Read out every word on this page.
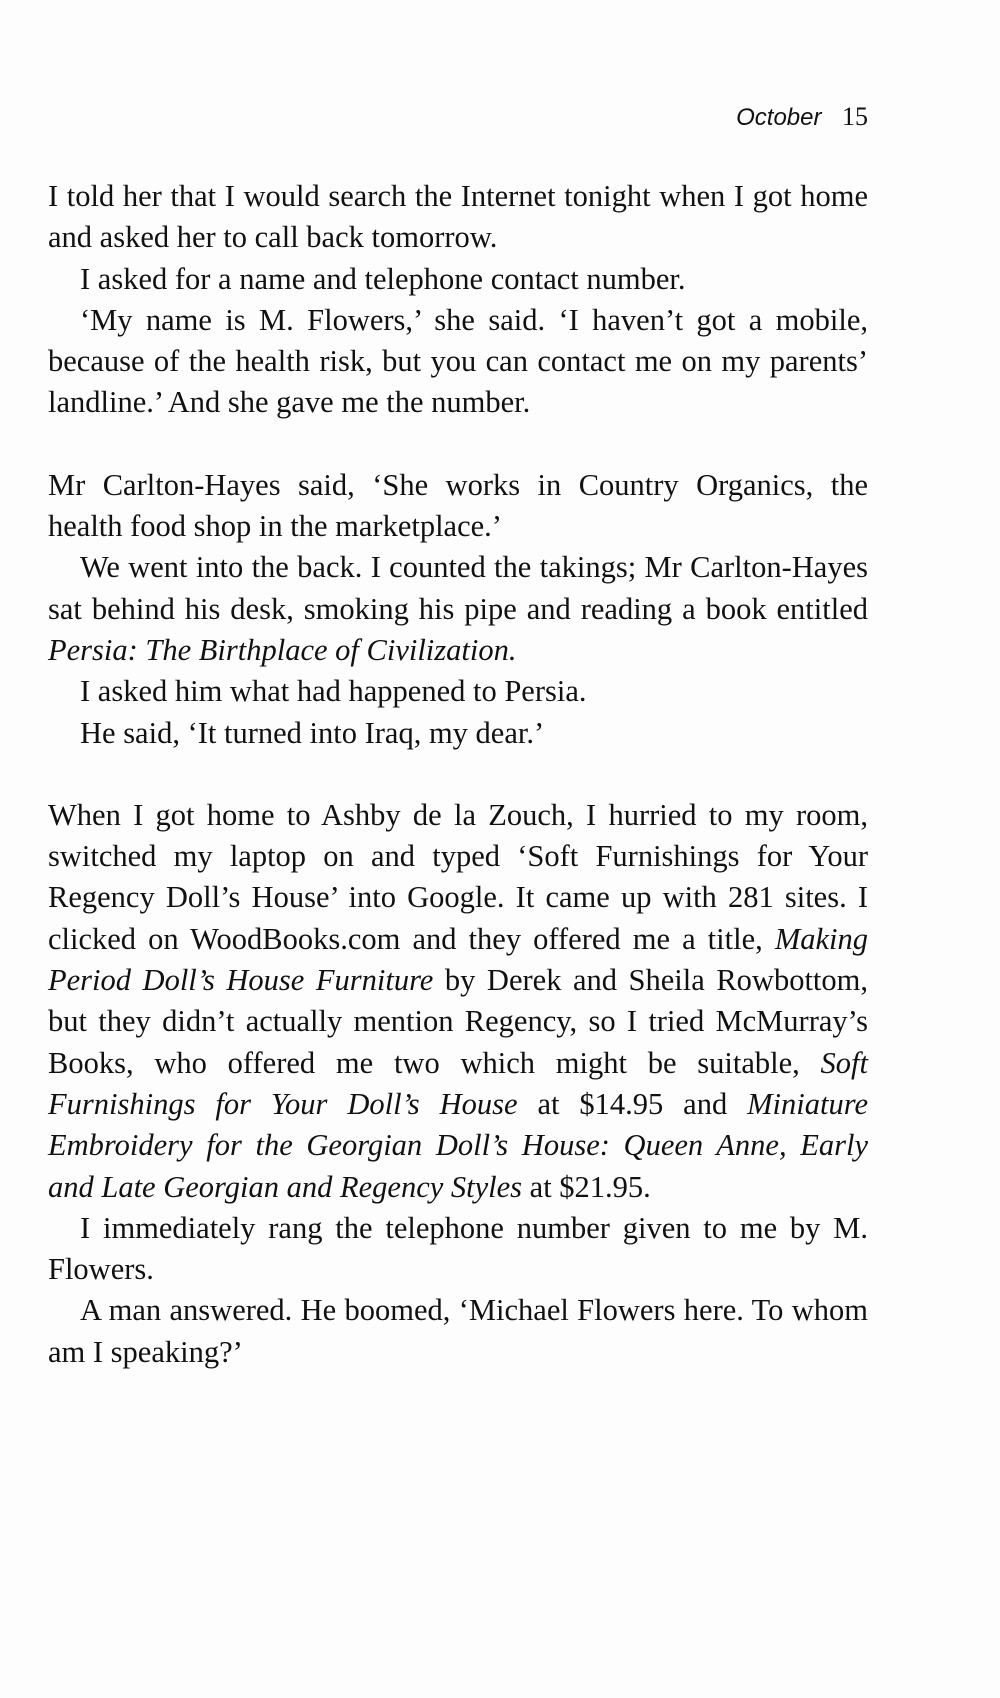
October 15

I told her that I would search the Internet tonight when I got home and asked her to call back tomorrow.

I asked for a name and telephone contact number.

‘My name is M. Flowers,’ she said. ‘I haven’t got a mobile, because of the health risk, but you can contact me on my parents’ landline.’ And she gave me the number.

Mr Carlton-Hayes said, ‘She works in Country Organics, the health food shop in the marketplace.’

We went into the back. I counted the takings; Mr Carlton-Hayes sat behind his desk, smoking his pipe and reading a book entitled Persia: The Birthplace of Civilization.

I asked him what had happened to Persia.

He said, ‘It turned into Iraq, my dear.’

When I got home to Ashby de la Zouch, I hurried to my room, switched my laptop on and typed ‘Soft Furnishings for Your Regency Doll’s House’ into Google. It came up with 281 sites. I clicked on WoodBooks.com and they offered me a title, Making Period Doll’s House Furniture by Derek and Sheila Rowbottom, but they didn’t actually mention Regency, so I tried McMurray’s Books, who offered me two which might be suitable, Soft Furnishings for Your Doll’s House at $14.95 and Miniature Embroidery for the Georgian Doll’s House: Queen Anne, Early and Late Georgian and Regency Styles at $21.95.

I immediately rang the telephone number given to me by M. Flowers.

A man answered. He boomed, ‘Michael Flowers here. To whom am I speaking?’
